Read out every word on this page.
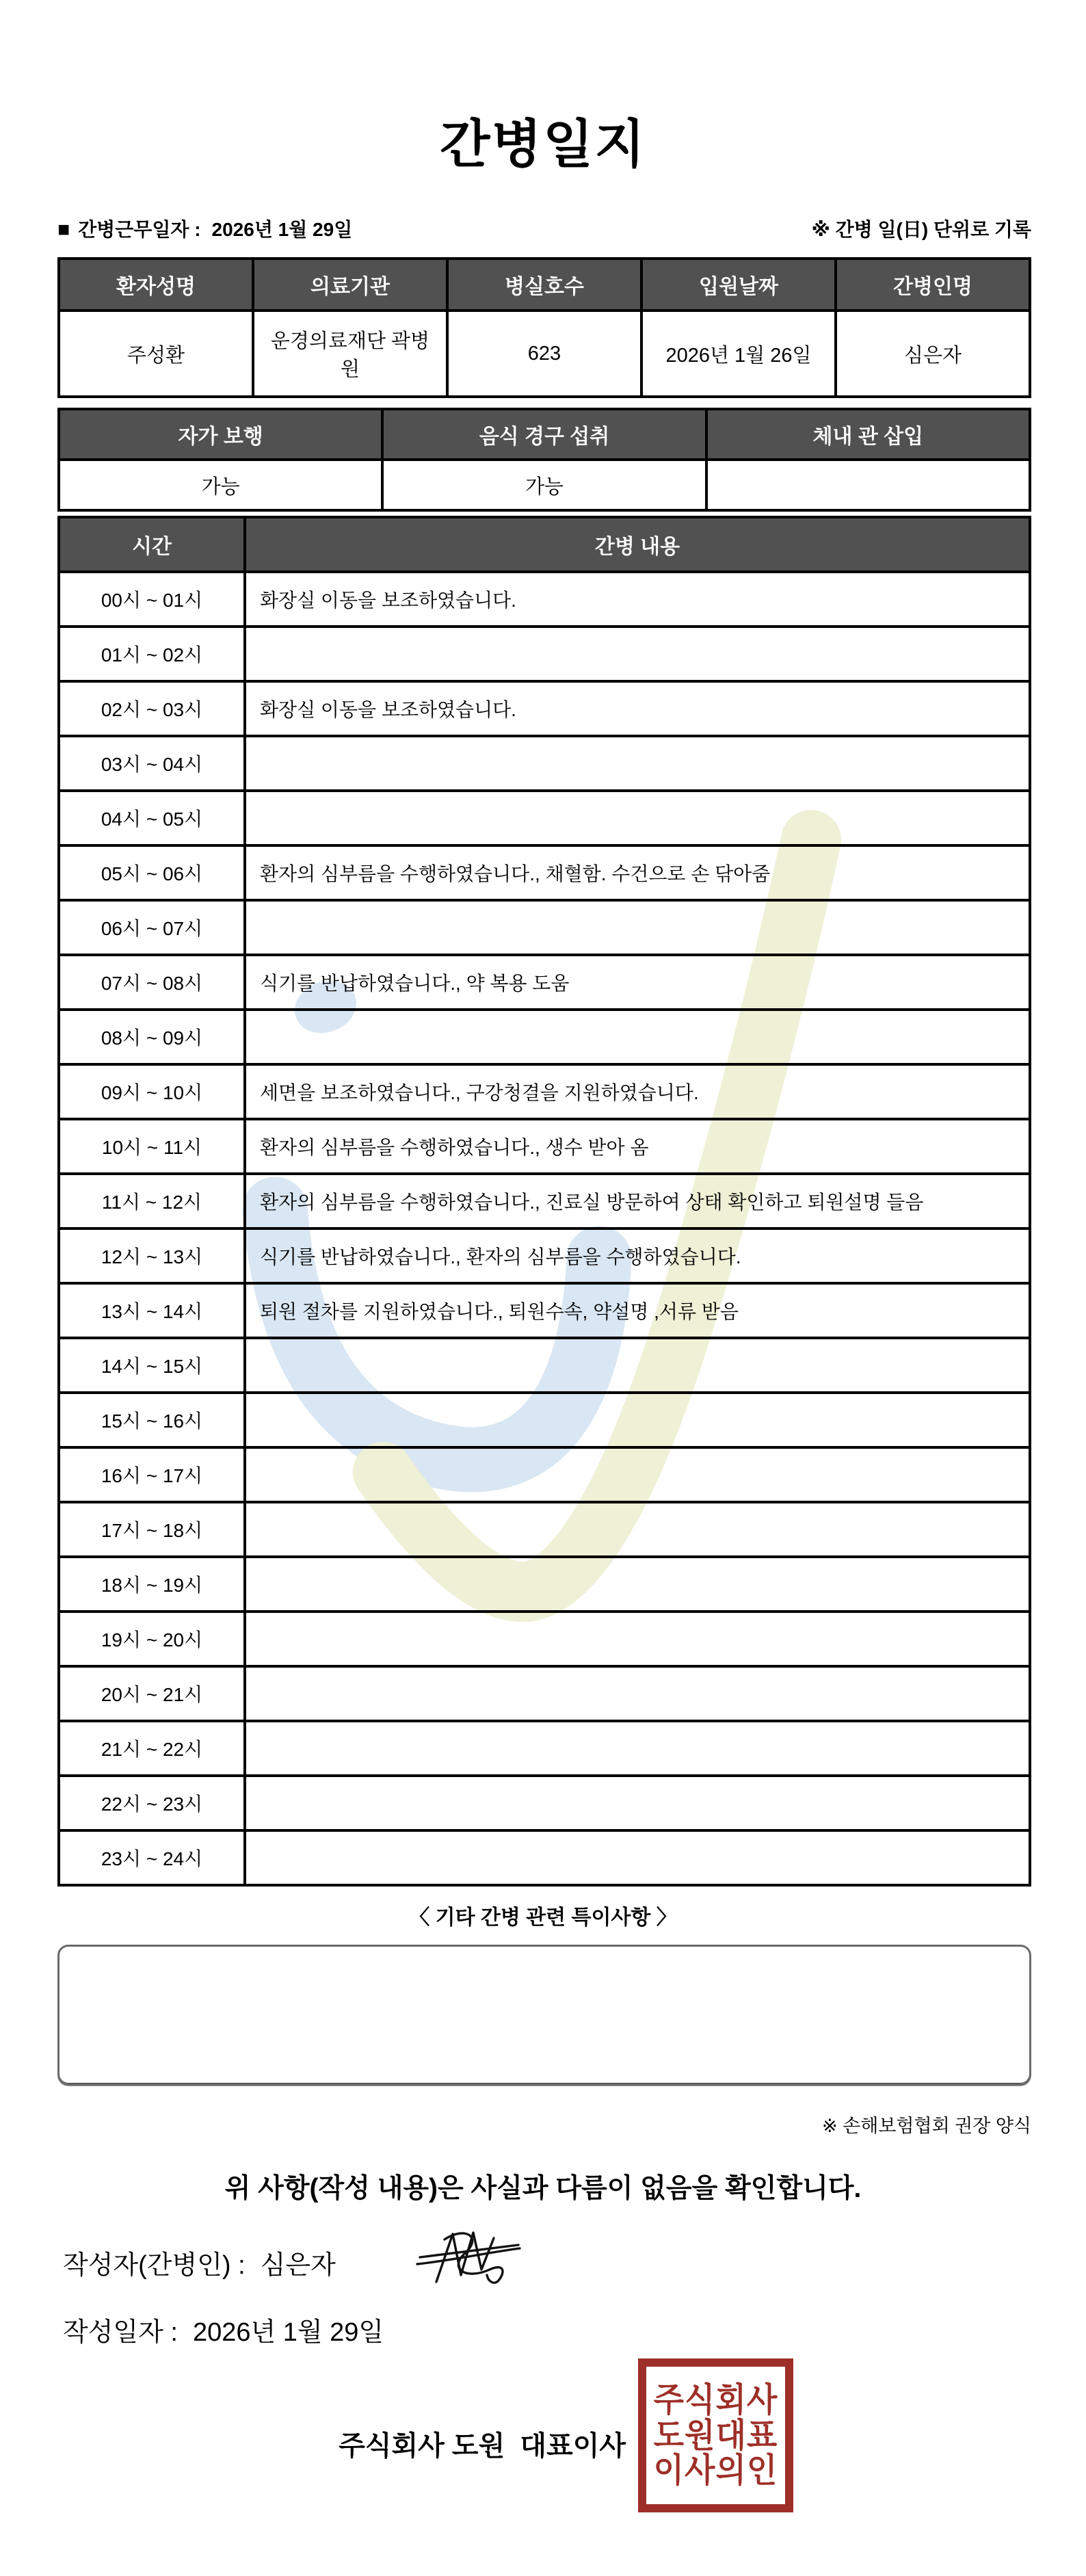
간병일지
■ 간병근무일자 : 2026년 1월 29일	※ 간병 일(日) 단위로 기록
환자성명	의료기관	병실호수	입원날짜	간병인명
주성환	운경의료재단 곽병원	623	2026년 1월 26일	심은자
자가 보행	음식 경구 섭취	체내 관 삽입
가능	가능	
시간	간병 내용
00시 ~ 01시	화장실 이동을 보조하였습니다.
01시 ~ 02시	
02시 ~ 03시	화장실 이동을 보조하였습니다.
03시 ~ 04시	
04시 ~ 05시	
05시 ~ 06시	환자의 심부름을 수행하였습니다., 채혈함. 수건으로 손 닦아줌
06시 ~ 07시	
07시 ~ 08시	식기를 반납하였습니다., 약 복용 도움
08시 ~ 09시	
09시 ~ 10시	세면을 보조하였습니다., 구강청결을 지원하였습니다.
10시 ~ 11시	환자의 심부름을 수행하였습니다., 생수 받아 옴
11시 ~ 12시	환자의 심부름을 수행하였습니다., 진료실 방문하여 상태 확인하고 퇴원설명 들음
12시 ~ 13시	식기를 반납하였습니다., 환자의 심부름을 수행하였습니다.
13시 ~ 14시	퇴원 절차를 지원하였습니다., 퇴원수속, 약설명 ,서류 받음
14시 ~ 15시	
15시 ~ 16시	
16시 ~ 17시	
17시 ~ 18시	
18시 ~ 19시	
19시 ~ 20시	
20시 ~ 21시	
21시 ~ 22시	
22시 ~ 23시	
23시 ~ 24시	
〈 기타 간병 관련 특이사항 〉
※ 손해보험협회 권장 양식
위 사항(작성 내용)은 사실과 다름이 없음을 확인합니다.
작성자(간병인) : 심은자
작성일자 : 2026년 1월 29일
주식회사 도원  대표이사
주식회사
도원대표
이사의인
